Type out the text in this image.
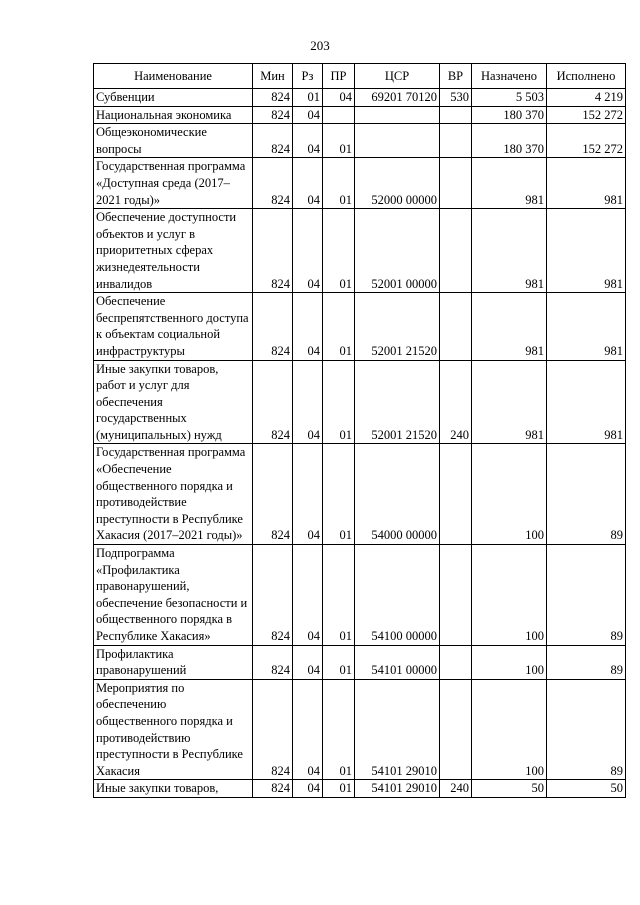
203
Наименование	Мин	Рз	ПР	ЦСР	ВР	Назначено	Исполнено
Субвенции	824	01	04	69201 70120	530	5 503	4 219
Национальная экономика	824	04				180 370	152 272
Общеэкономические вопросы	824	04	01			180 370	152 272
Государственная программа «Доступная среда (2017–2021 годы)»	824	04	01	52000 00000		981	981
Обеспечение доступности объектов и услуг в приоритетных сферах жизнедеятельности инвалидов	824	04	01	52001 00000		981	981
Обеспечение беспрепятственного доступа к объектам социальной инфраструктуры	824	04	01	52001 21520		981	981
Иные закупки товаров, работ и услуг для обеспечения государственных (муниципальных) нужд	824	04	01	52001 21520	240	981	981
Государственная программа «Обеспечение общественного порядка и противодействие преступности в Республике Хакасия (2017–2021 годы)»	824	04	01	54000 00000		100	89
Подпрограмма «Профилактика правонарушений, обеспечение безопасности и общественного порядка в Республике Хакасия»	824	04	01	54100 00000		100	89
Профилактика правонарушений	824	04	01	54101 00000		100	89
Мероприятия по обеспечению общественного порядка и противодействию преступности в Республике Хакасия	824	04	01	54101 29010		100	89
Иные закупки товаров,	824	04	01	54101 29010	240	50	50
